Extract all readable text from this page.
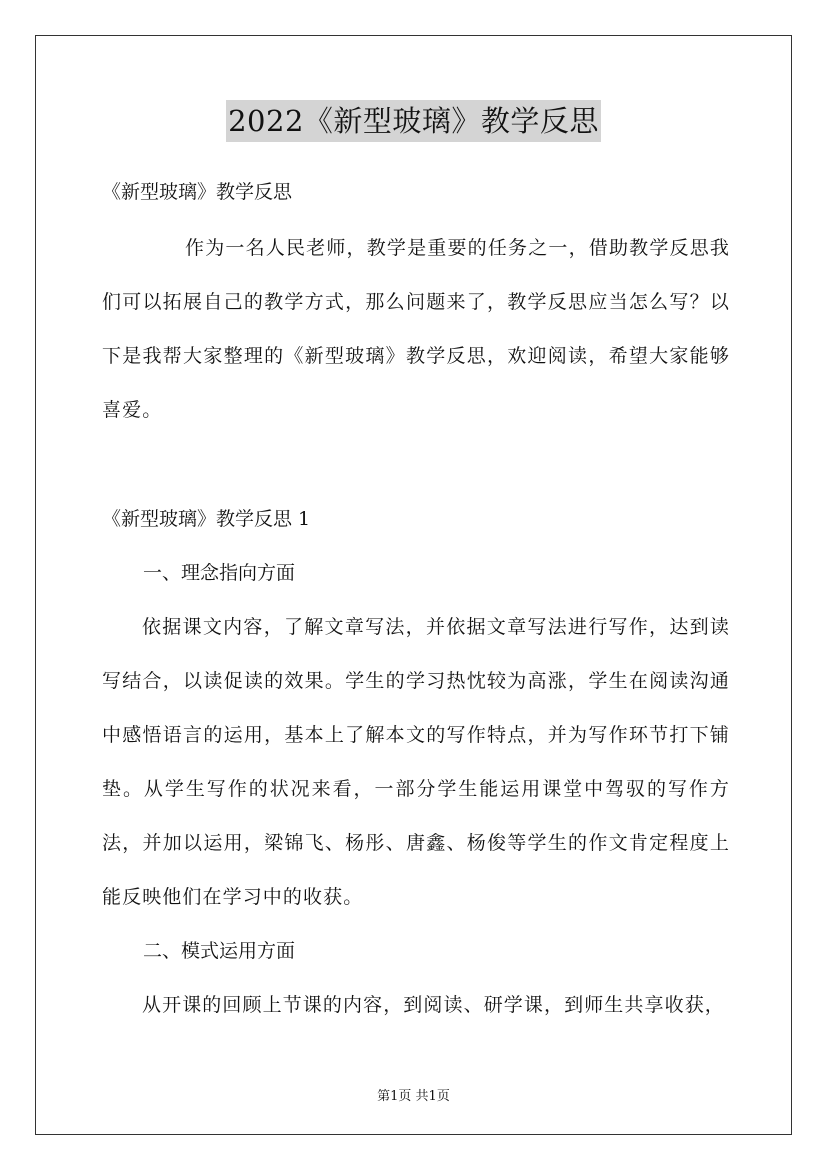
2022《新型玻璃》教学反思
《新型玻璃》教学反思
作为一名人民老师，教学是重要的任务之一，借助教学反思我们可以拓展自己的教学方式，那么问题来了，教学反思应当怎么写？以下是我帮大家整理的《新型玻璃》教学反思，欢迎阅读，希望大家能够喜爱。
《新型玻璃》教学反思 1
一、理念指向方面
依据课文内容，了解文章写法，并依据文章写法进行写作，达到读写结合，以读促读的效果。学生的学习热忱较为高涨，学生在阅读沟通中感悟语言的运用，基本上了解本文的写作特点，并为写作环节打下铺垫。从学生写作的状况来看，一部分学生能运用课堂中驾驭的写作方法，并加以运用，梁锦飞、杨彤、唐鑫、杨俊等学生的作文肯定程度上能反映他们在学习中的收获。
二、模式运用方面
从开课的回顾上节课的内容，到阅读、研学课，到师生共享收获，
第1页 共1页
